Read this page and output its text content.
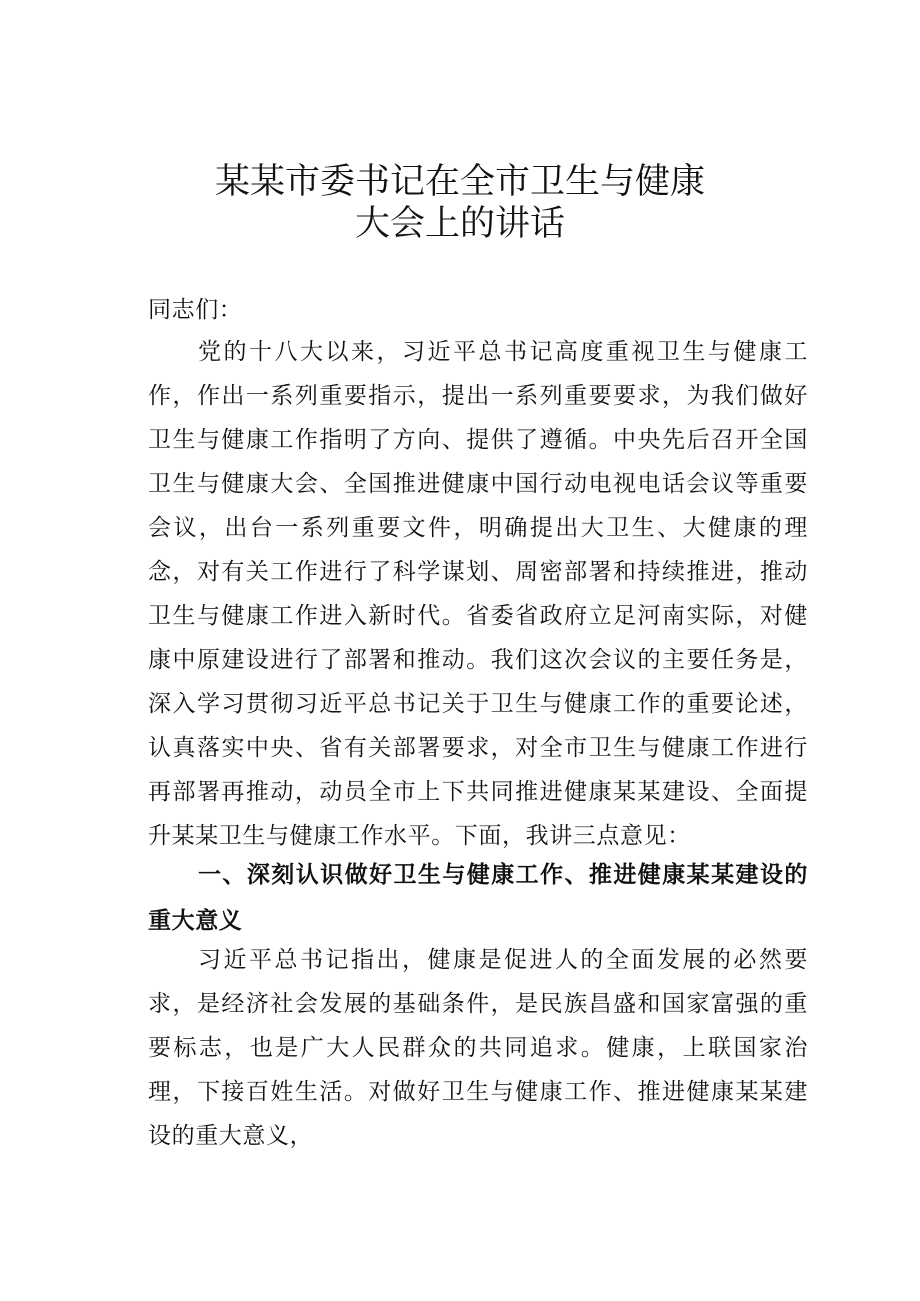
某某市委书记在全市卫生与健康
大会上的讲话
同志们：
党的十八大以来，习近平总书记高度重视卫生与健康工作，作出一系列重要指示，提出一系列重要要求，为我们做好卫生与健康工作指明了方向、提供了遵循。中央先后召开全国卫生与健康大会、全国推进健康中国行动电视电话会议等重要会议，出台一系列重要文件，明确提出大卫生、大健康的理念，对有关工作进行了科学谋划、周密部署和持续推进，推动卫生与健康工作进入新时代。省委省政府立足河南实际，对健康中原建设进行了部署和推动。我们这次会议的主要任务是，深入学习贯彻习近平总书记关于卫生与健康工作的重要论述，认真落实中央、省有关部署要求，对全市卫生与健康工作进行再部署再推动，动员全市上下共同推进健康某某建设、全面提升某某卫生与健康工作水平。下面，我讲三点意见：
一、深刻认识做好卫生与健康工作、推进健康某某建设的重大意义
习近平总书记指出，健康是促进人的全面发展的必然要求，是经济社会发展的基础条件，是民族昌盛和国家富强的重要标志，也是广大人民群众的共同追求。健康，上联国家治理，下接百姓生活。对做好卫生与健康工作、推进健康某某建设的重大意义，
